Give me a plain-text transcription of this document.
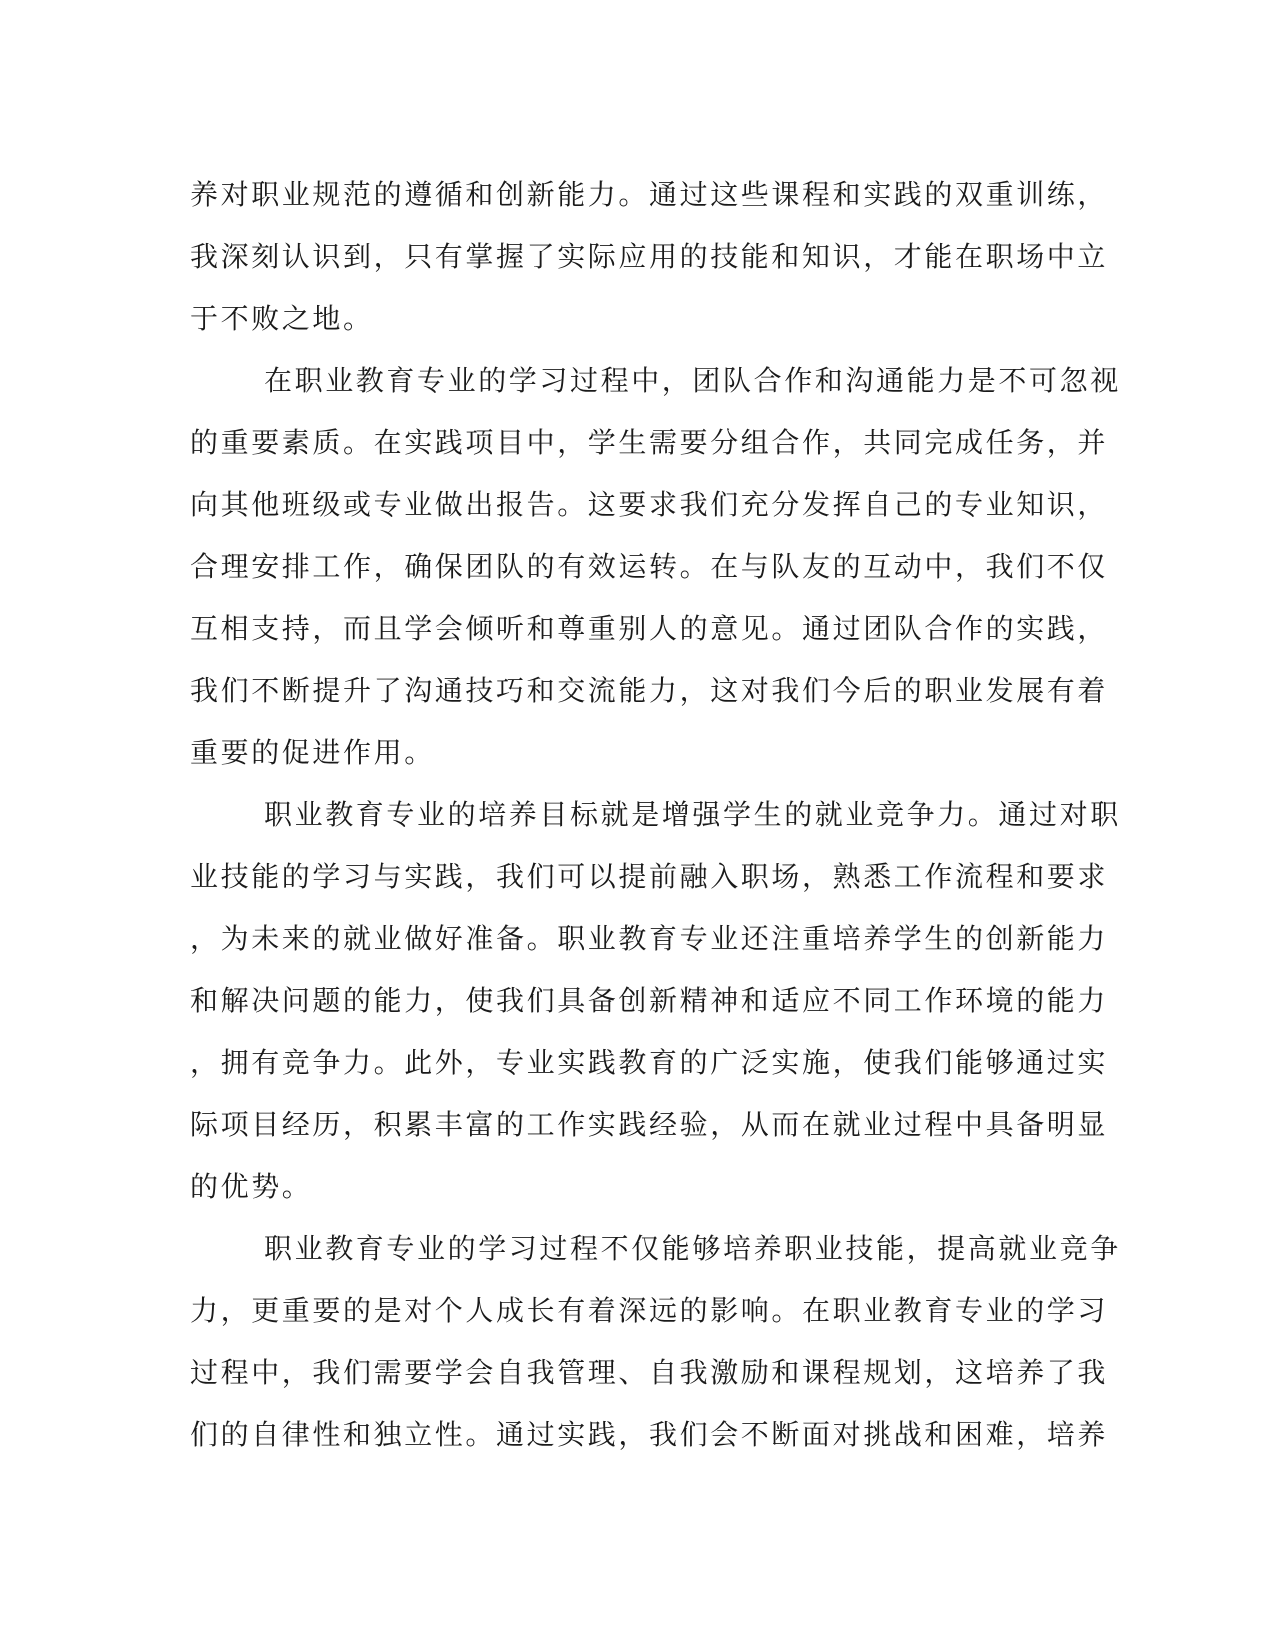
养对职业规范的遵循和创新能力。通过这些课程和实践的双重训练，
我深刻认识到，只有掌握了实际应用的技能和知识，才能在职场中立
于不败之地。
在职业教育专业的学习过程中，团队合作和沟通能力是不可忽视
的重要素质。在实践项目中，学生需要分组合作，共同完成任务，并
向其他班级或专业做出报告。这要求我们充分发挥自己的专业知识，
合理安排工作，确保团队的有效运转。在与队友的互动中，我们不仅
互相支持，而且学会倾听和尊重别人的意见。通过团队合作的实践，
我们不断提升了沟通技巧和交流能力，这对我们今后的职业发展有着
重要的促进作用。
职业教育专业的培养目标就是增强学生的就业竞争力。通过对职
业技能的学习与实践，我们可以提前融入职场，熟悉工作流程和要求
，为未来的就业做好准备。职业教育专业还注重培养学生的创新能力
和解决问题的能力，使我们具备创新精神和适应不同工作环境的能力
，拥有竞争力。此外，专业实践教育的广泛实施，使我们能够通过实
际项目经历，积累丰富的工作实践经验，从而在就业过程中具备明显
的优势。
职业教育专业的学习过程不仅能够培养职业技能，提高就业竞争
力，更重要的是对个人成长有着深远的影响。在职业教育专业的学习
过程中，我们需要学会自我管理、自我激励和课程规划，这培养了我
们的自律性和独立性。通过实践，我们会不断面对挑战和困难，培养
